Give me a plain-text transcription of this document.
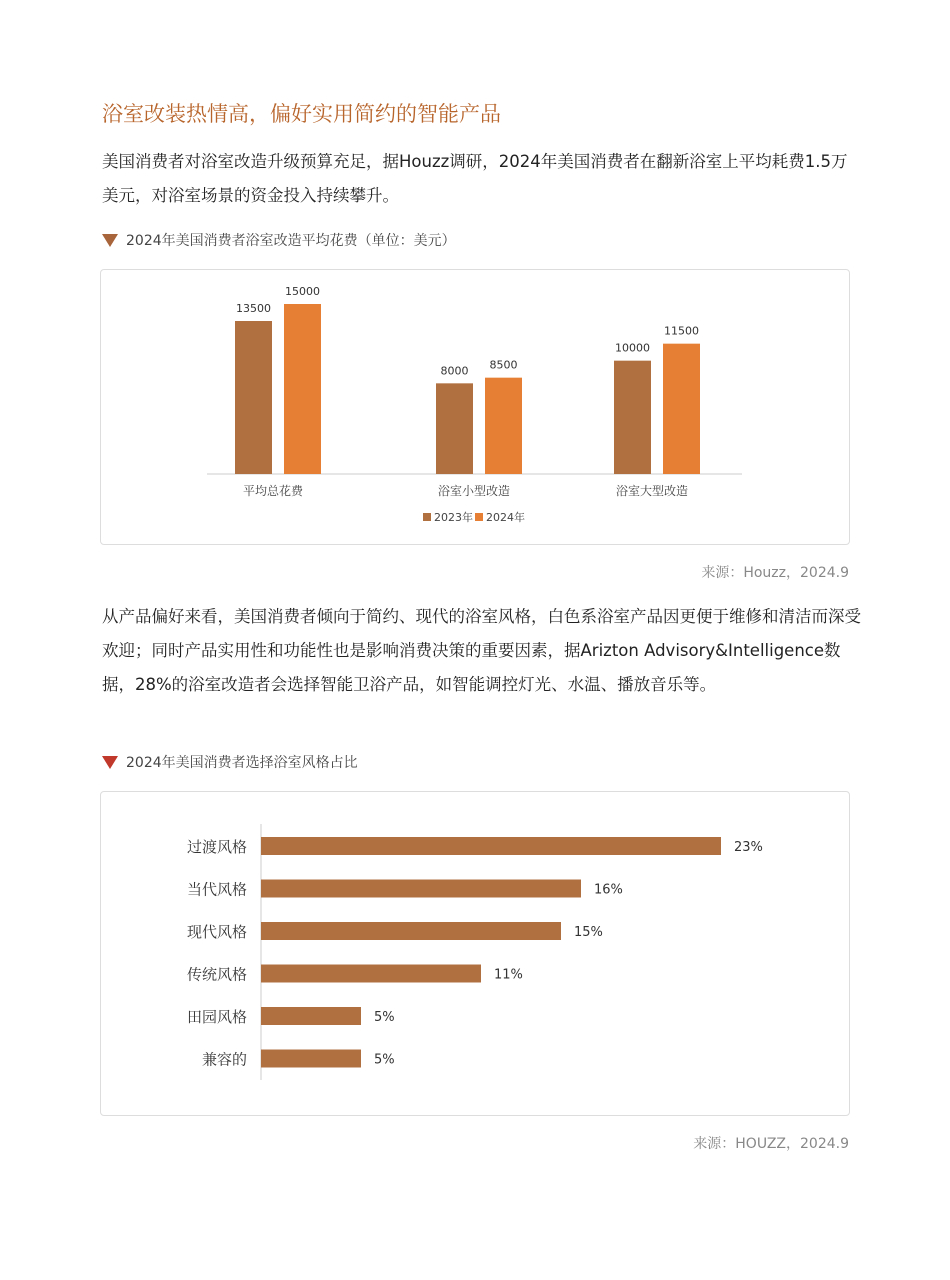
浴室改装热情高，偏好实用简约的智能产品
美国消费者对浴室改造升级预算充足，据Houzz调研，2024年美国消费者在翻新浴室上平均耗费1.5万美元，对浴室场景的资金投入持续攀升。
2024年美国消费者浴室改造平均花费（单位：美元）
13500
15000
平均总花费
8000 8500
浴室小型改造
10000
11500
浴室大型改造
2023年 2024年
来源：Houzz，2024.9
从产品偏好来看，美国消费者倾向于简约、现代的浴室风格，白色系浴室产品因更便于维修和清洁而深受欢迎；同时产品实用性和功能性也是影响消费决策的重要因素，据Arizton Advisory&Intelligence数据，28%的浴室改造者会选择智能卫浴产品，如智能调控灯光、水温、播放音乐等。
2024年美国消费者选择浴室风格占比
23%
过渡风格
16%
当代风格
15%
现代风格
11%
传统风格
5%
田园风格
5%
兼容的
来源：HOUZZ，2024.9
